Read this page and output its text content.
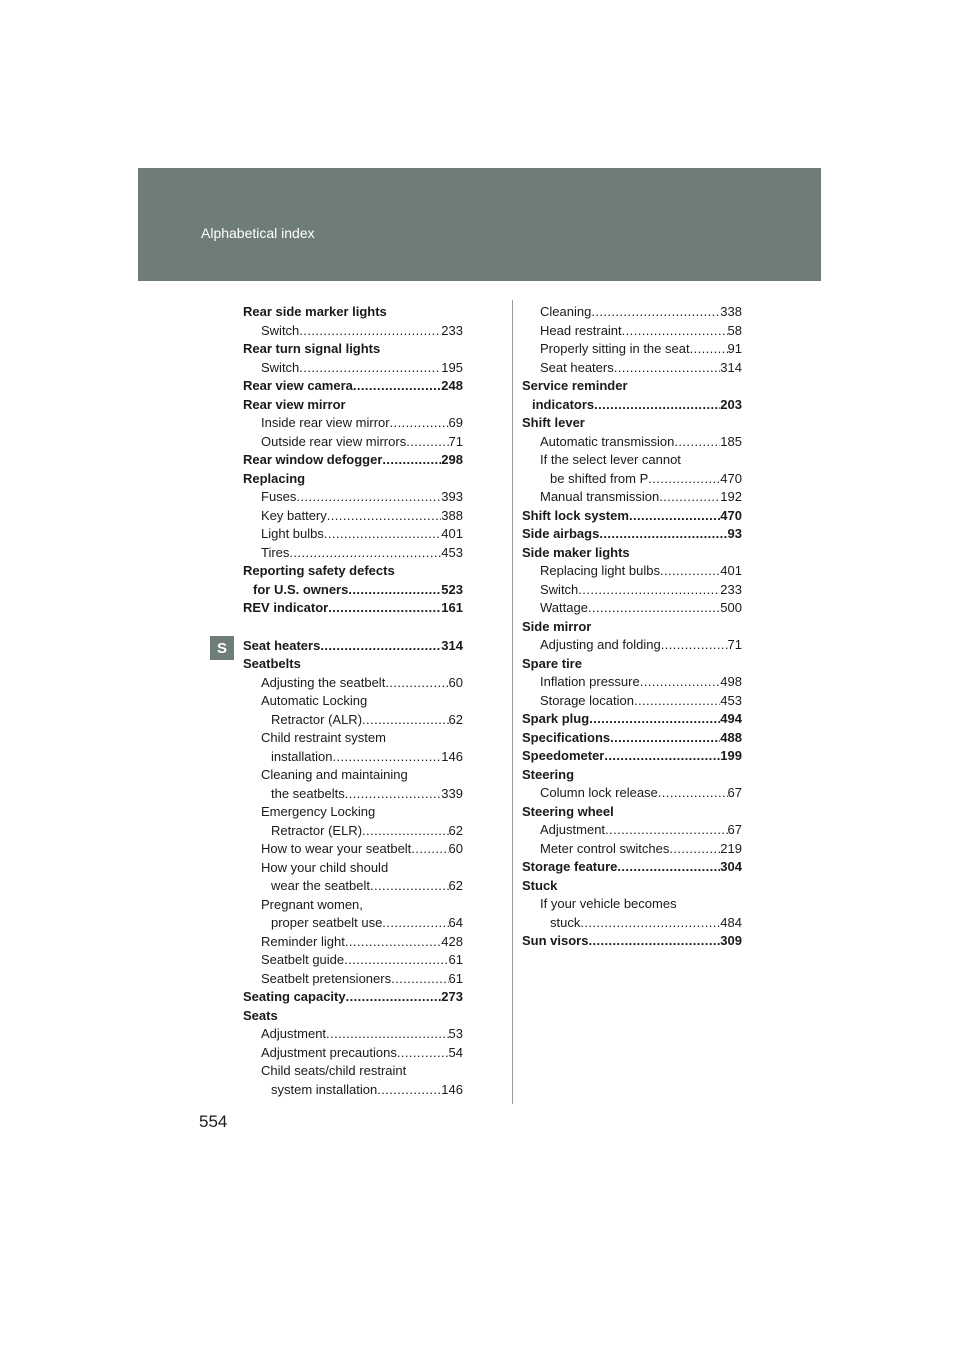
Alphabetical index
S
Rear side marker lights
Switch .....	233
Rear turn signal lights
Switch .....	195
Rear view camera .....	248
Rear view mirror
Inside rear view mirror .....	69
Outside rear view mirrors .....	71
Rear window defogger .....	298
Replacing
Fuses .....	393
Key battery .....	388
Light bulbs .....	401
Tires .....	453
Reporting safety defects
for U.S. owners .....	523
REV indicator .....	161
Seat heaters .....	314
Seatbelts
Adjusting the seatbelt .....	60
Automatic Locking
Retractor (ALR) .....	62
Child restraint system
installation .....	146
Cleaning and maintaining
the seatbelts .....	339
Emergency Locking
Retractor (ELR) .....	62
How to wear your seatbelt .....	60
How your child should
wear the seatbelt .....	62
Pregnant women,
proper seatbelt use .....	64
Reminder light .....	428
Seatbelt guide .....	61
Seatbelt pretensioners .....	61
Seating capacity .....	273
Seats
Adjustment .....	53
Adjustment precautions .....	54
Child seats/child restraint
system installation .....	146
Cleaning .....	338
Head restraint .....	58
Properly sitting in the seat .....	91
Seat heaters .....	314
Service reminder
indicators .....	203
Shift lever
Automatic transmission .....	185
If the select lever cannot
be shifted from P .....	470
Manual transmission .....	192
Shift lock system .....	470
Side airbags .....	93
Side maker lights
Replacing light bulbs .....	401
Switch .....	233
Wattage .....	500
Side mirror
Adjusting and folding .....	71
Spare tire
Inflation pressure .....	498
Storage location .....	453
Spark plug .....	494
Specifications .....	488
Speedometer .....	199
Steering
Column lock release .....	67
Steering wheel
Adjustment .....	67
Meter control switches .....	219
Storage feature .....	304
Stuck
If your vehicle becomes
stuck .....	484
Sun visors .....	309
554
